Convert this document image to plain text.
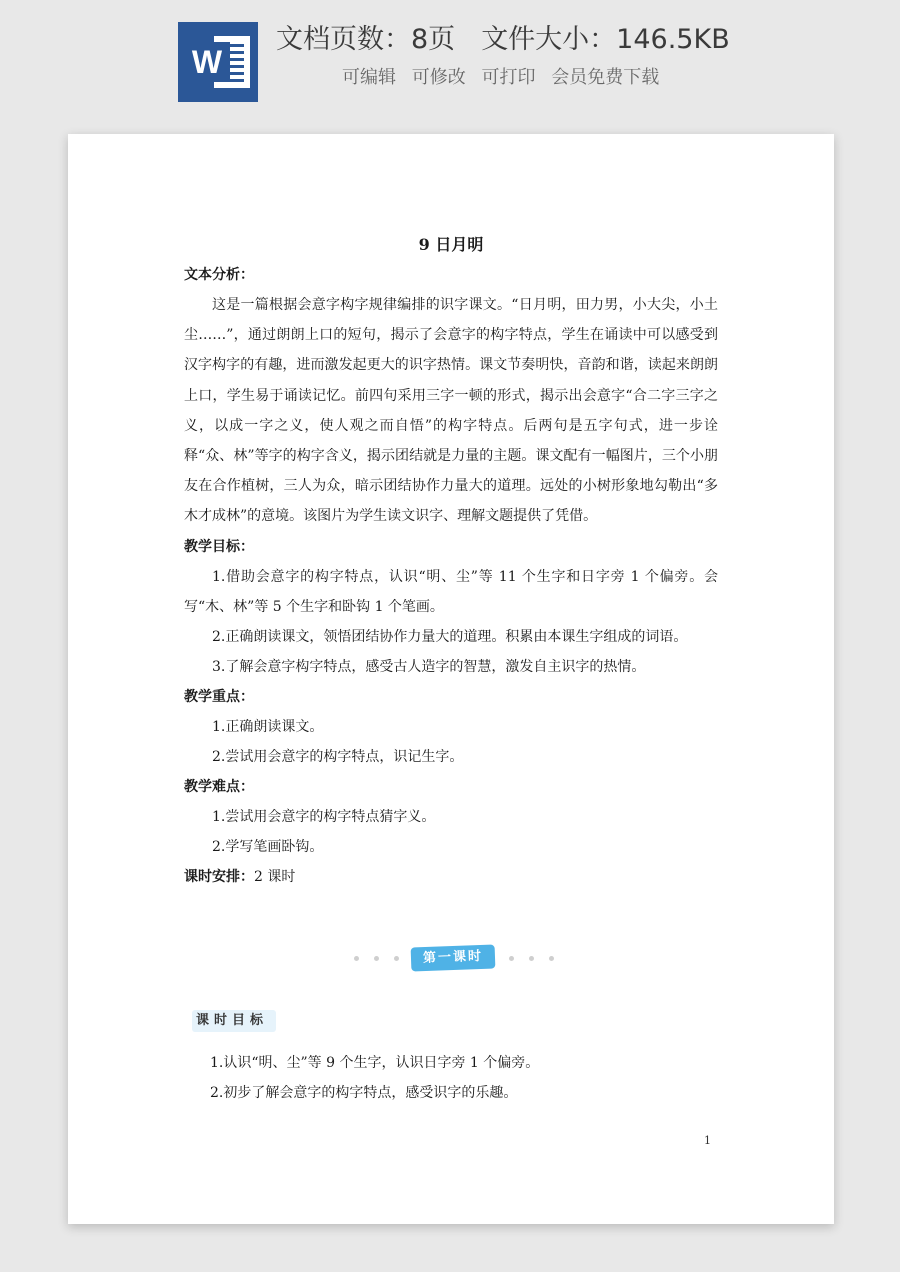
W
文档页数：8页 文件大小：146.5KB
可编辑 可修改 可打印 会员免费下载
9 日月明
文本分析：
这是一篇根据会意字构字规律编排的识字课文。“日月明，田力男，小大尖，小土尘……”，通过朗朗上口的短句，揭示了会意字的构字特点，学生在诵读中可以感受到汉字构字的有趣，进而激发起更大的识字热情。课文节奏明快，音韵和谐，读起来朗朗上口，学生易于诵读记忆。前四句采用三字一顿的形式，揭示出会意字“合二字三字之义，以成一字之义，使人观之而自悟”的构字特点。后两句是五字句式，进一步诠释“众、林”等字的构字含义，揭示团结就是力量的主题。课文配有一幅图片，三个小朋友在合作植树，三人为众，暗示团结协作力量大的道理。远处的小树形象地勾勒出“多木才成林”的意境。该图片为学生读文识字、理解文题提供了凭借。
教学目标：
1.借助会意字的构字特点，认识“明、尘”等 11 个生字和日字旁 1 个偏旁。会写“木、林”等 5 个生字和卧钩 1 个笔画。
2.正确朗读课文，领悟团结协作力量大的道理。积累由本课生字组成的词语。
3.了解会意字构字特点，感受古人造字的智慧，激发自主识字的热情。
教学重点：
1.正确朗读课文。
2.尝试用会意字的构字特点，识记生字。
教学难点：
1.尝试用会意字的构字特点猜字义。
2.学写笔画卧钩。
课时安排：2 课时
第一课时
课时目标
1.认识“明、尘”等 9 个生字，认识日字旁 1 个偏旁。
2.初步了解会意字的构字特点，感受识字的乐趣。
1
